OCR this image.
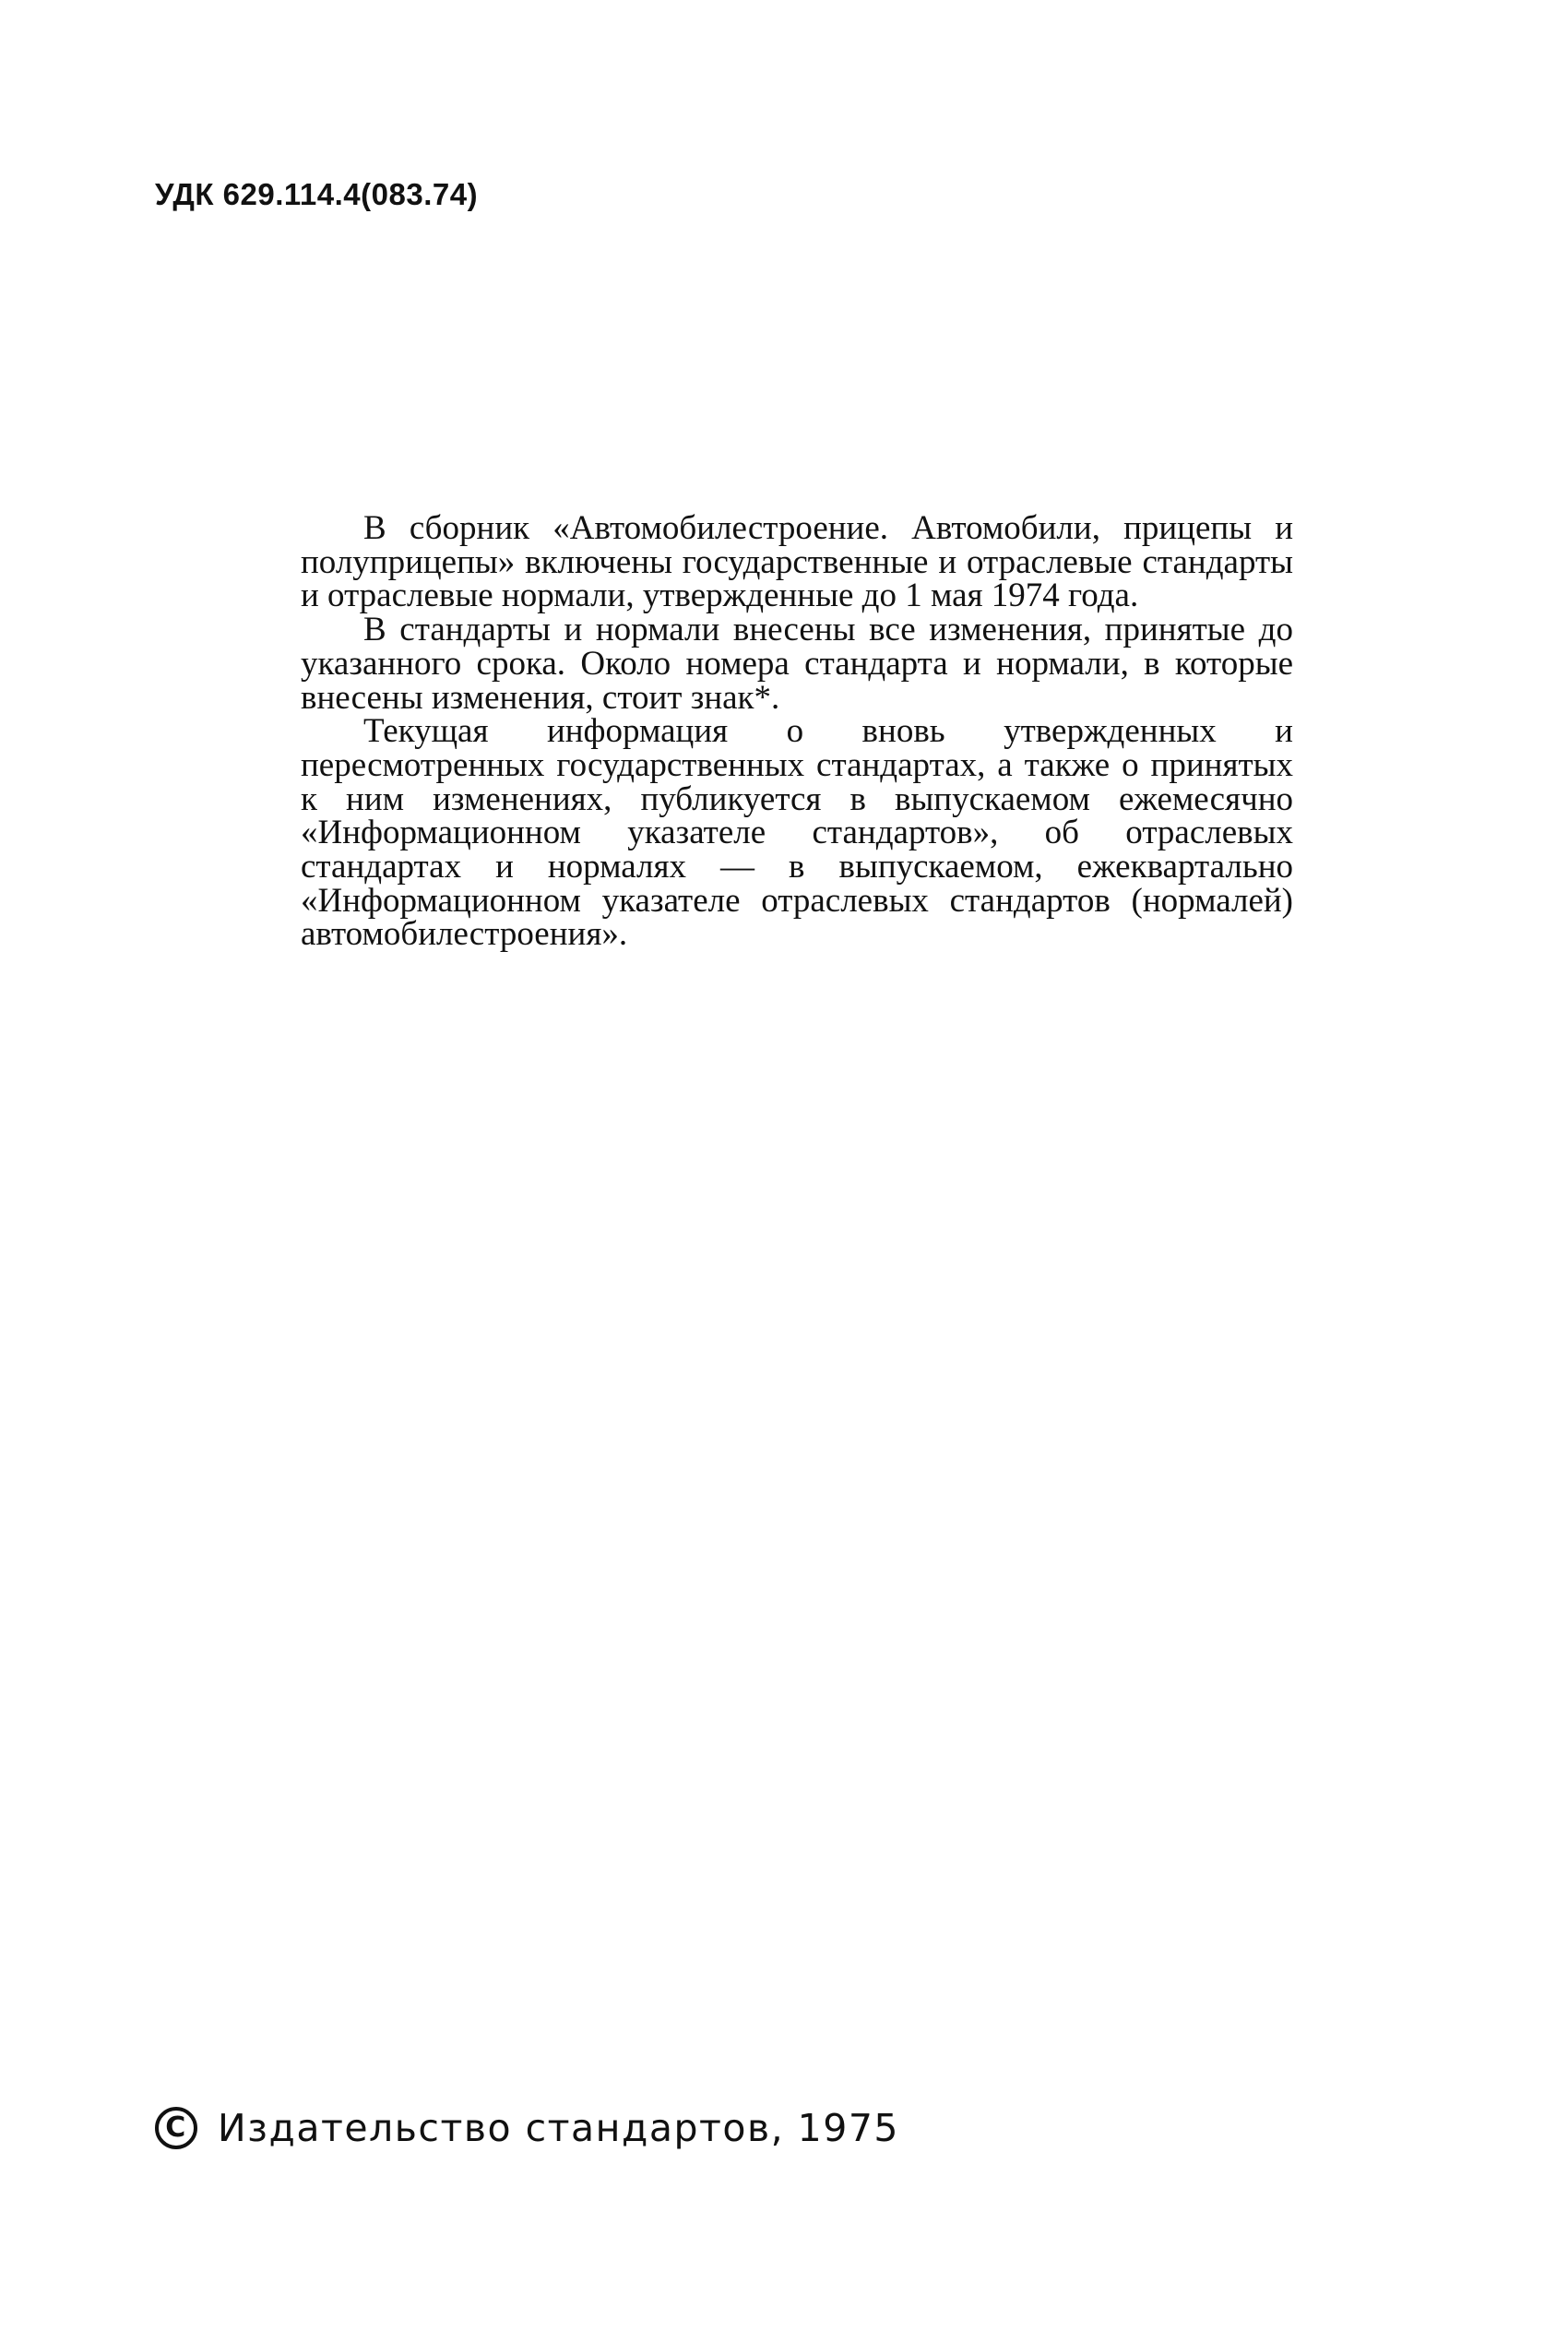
УДК 629.114.4(083.74)

В сборник «Автомобилестроение. Автомобили, прицепы и полуприцепы» включены государственные и отраслевые стандарты и отраслевые нормали, утвержденные до 1 мая 1974 года.

В стандарты и нормали внесены все изменения, принятые до указанного срока. Около номера стандарта и нормали, в которые внесены изменения, стоит знак*.

Текущая информация о вновь утвержденных и пересмотренных государственных стандартах, а также о принятых к ним изменениях, публикуется в выпускаемом ежемесячно «Информационном указателе стандартов», об отраслевых стандартах и нормалях — в выпускаемом, ежеквартально «Информационном указателе отраслевых стандартов (нормалей) автомобилестроения».

C Издательство стандартов, 1975
